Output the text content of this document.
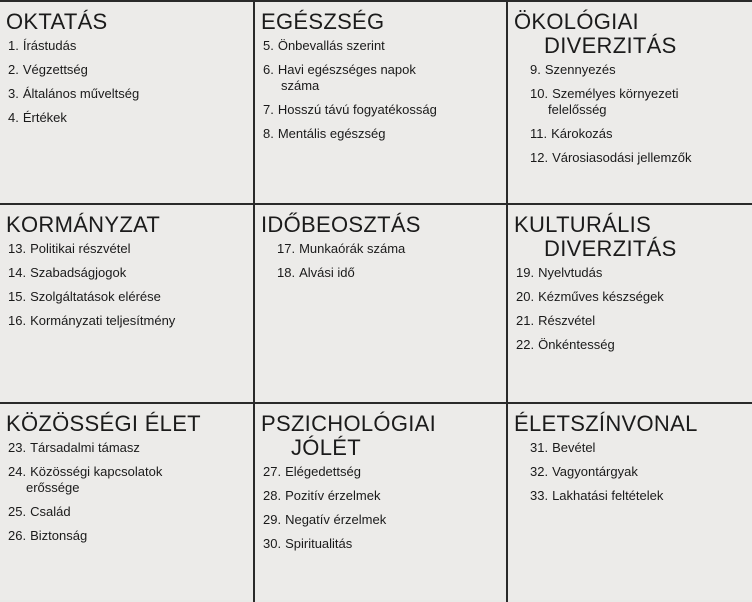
OKTATÁS
1. Írástudás
2. Végzettség
3. Általános műveltség
4. Értékek
EGÉSZSÉG
5. Önbevallás szerint
6. Havi egészséges napok
száma
7. Hosszú távú fogyatékosság
8. Mentális egészség
ÖKOLÓGIAI
DIVERZITÁS
9. Szennyezés
10. Személyes környezeti
felelősség
11. Károkozás
12. Városiasodási jellemzők
KORMÁNYZAT
13. Politikai részvétel
14. Szabadságjogok
15. Szolgáltatások elérése
16. Kormányzati teljesítmény
IDŐBEOSZTÁS
17. Munkaórák száma
18. Alvási idő
KULTURÁLIS
DIVERZITÁS
19. Nyelvtudás
20. Kézműves készségek
21. Részvétel
22. Önkéntesség
KÖZÖSSÉGI ÉLET
23. Társadalmi támasz
24. Közösségi kapcsolatok
erőssége
25. Család
26. Biztonság
PSZICHOLÓGIAI
JÓLÉT
27. Elégedettség
28. Pozitív érzelmek
29. Negatív érzelmek
30. Spiritualitás
ÉLETSZÍNVONAL
31. Bevétel
32. Vagyontárgyak
33. Lakhatási feltételek
